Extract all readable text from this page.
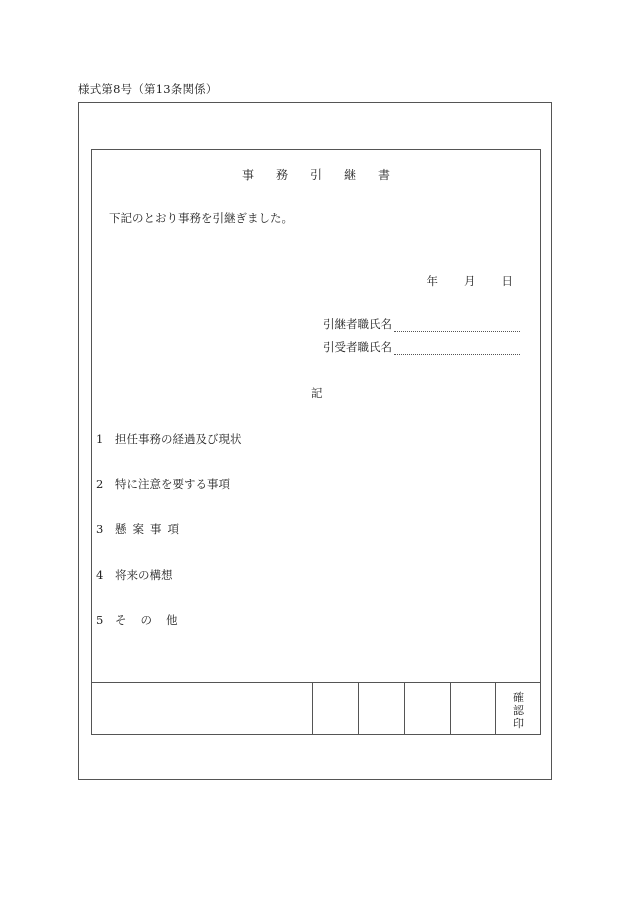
様式第8号（第13条関係）
事務引継書
下記のとおり事務を引継ぎました。
年 月 日
引継者職氏名
引受者職氏名
記
1 担任事務の経過及び現状
2 特に注意を要する事項
3 懸案事項
4 将来の構想
5 その他
確
認
印
